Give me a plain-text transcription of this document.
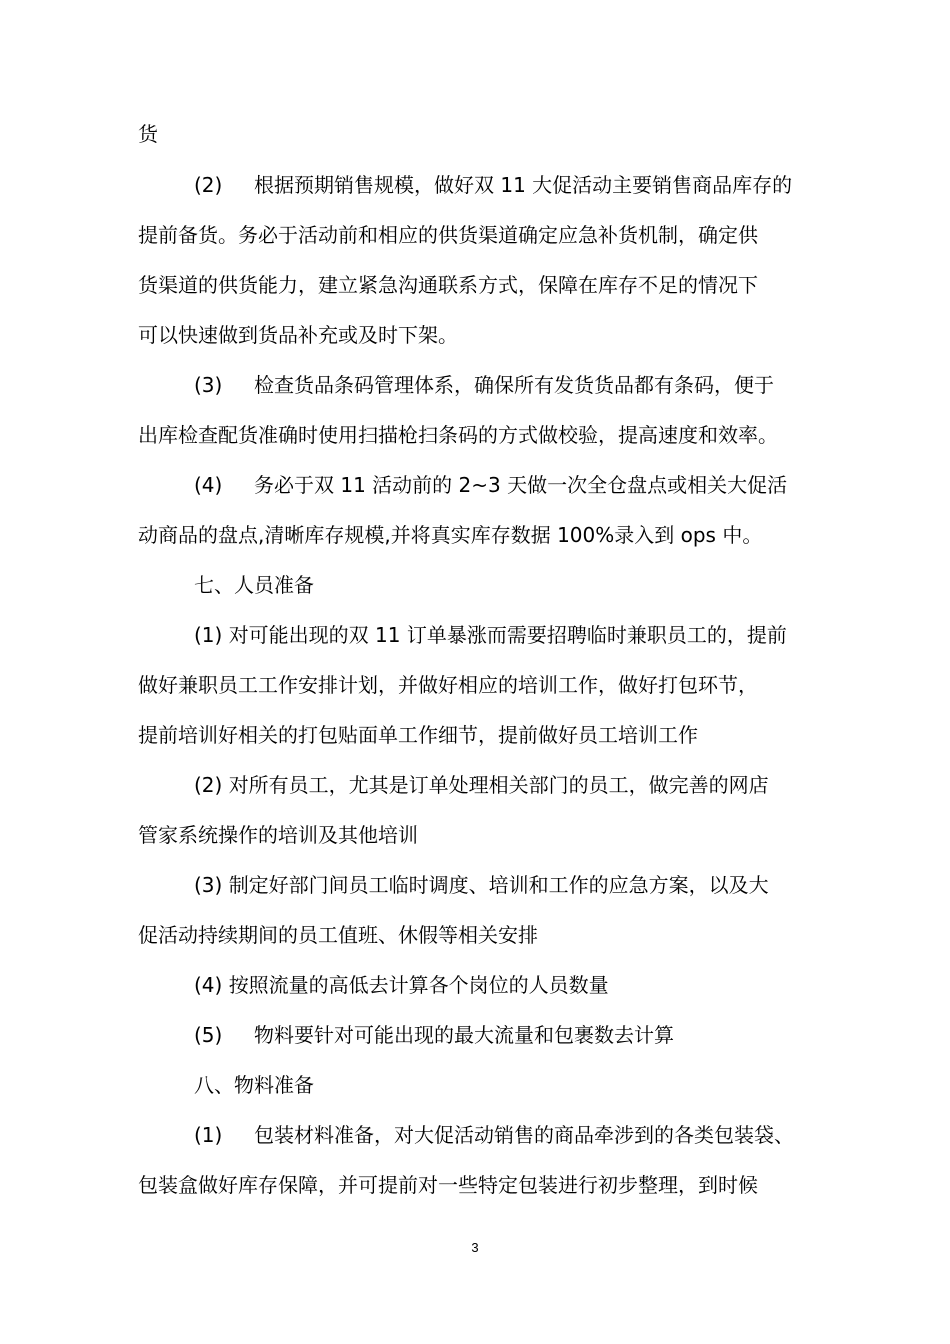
货
(2) 根据预期销售规模，做好双 11 大促活动主要销售商品库存的
提前备货。务必于活动前和相应的供货渠道确定应急补货机制，确定供
货渠道的供货能力，建立紧急沟通联系方式，保障在库存不足的情况下
可以快速做到货品补充或及时下架。
(3) 检查货品条码管理体系，确保所有发货货品都有条码，便于
出库检查配货准确时使用扫描枪扫条码的方式做校验，提高速度和效率。
(4) 务必于双 11 活动前的 2~3 天做一次全仓盘点或相关大促活
动商品的盘点,清晰库存规模,并将真实库存数据 100%录入到 ops 中。
七、人员准备
(1) 对可能出现的双 11 订单暴涨而需要招聘临时兼职员工的，提前
做好兼职员工工作安排计划，并做好相应的培训工作，做好打包环节，
提前培训好相关的打包贴面单工作细节，提前做好员工培训工作
(2) 对所有员工，尤其是订单处理相关部门的员工，做完善的网店
管家系统操作的培训及其他培训
(3) 制定好部门间员工临时调度、培训和工作的应急方案，以及大
促活动持续期间的员工值班、休假等相关安排
(4) 按照流量的高低去计算各个岗位的人员数量
(5) 物料要针对可能出现的最大流量和包裹数去计算
八、物料准备
(1) 包装材料准备，对大促活动销售的商品牵涉到的各类包装袋、
包装盒做好库存保障，并可提前对一些特定包装进行初步整理，到时候
3
